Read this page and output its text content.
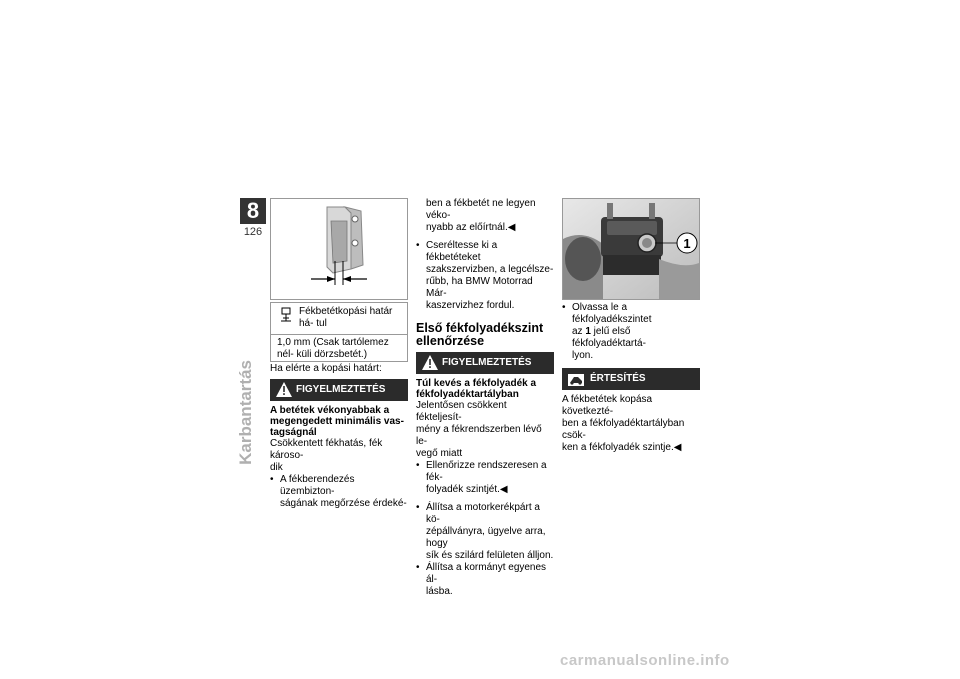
8
126
Karbantartás

Fékbetétkopási határ há- tul

1,0 mm (Csak tartólemez nél- küli dörzsbetét.)

Ha elérte a kopási határt:

FIGYELMEZTETÉS

A betétek vékonyabbak a

megengedett minimális vas-

tagságnál

Csökkentett fékhatás, fék károso-

dik

• A fékberendezés üzembizton-

ságának megőrzése érdeké-

ben a fékbetét ne legyen véko-

nyabb az előírtnál.◀

• Cseréltesse ki a fékbetéteket

szakszervizben, a legcélsze-

rűbb, ha BMW Motorrad Már-

kaszervizhez fordul.

Első fékfolyadékszint

ellenőrzése

FIGYELMEZTETÉS

Túl kevés a fékfolyadék a

fékfolyadéktartályban

Jelentősen csökkent fékteljesít-

mény a fékrendszerben lévő le-

vegő miatt

• Ellenőrizze rendszeresen a fék-

folyadék szintjét.◀

• Állítsa a motorkerékpárt a kö-

zépállványra, ügyelve arra, hogy

sík és szilárd felületen álljon.

• Állítsa a kormányt egyenes ál-

lásba.

1

• Olvassa le a fékfolyadékszintet

az 1 jelű első fékfolyadéktartá-

lyon.

ÉRTESÍTÉS

A fékbetétek kopása következté-

ben a fékfolyadéktartályban csök-

ken a fékfolyadék szintje.◀

carmanualsonline.info
